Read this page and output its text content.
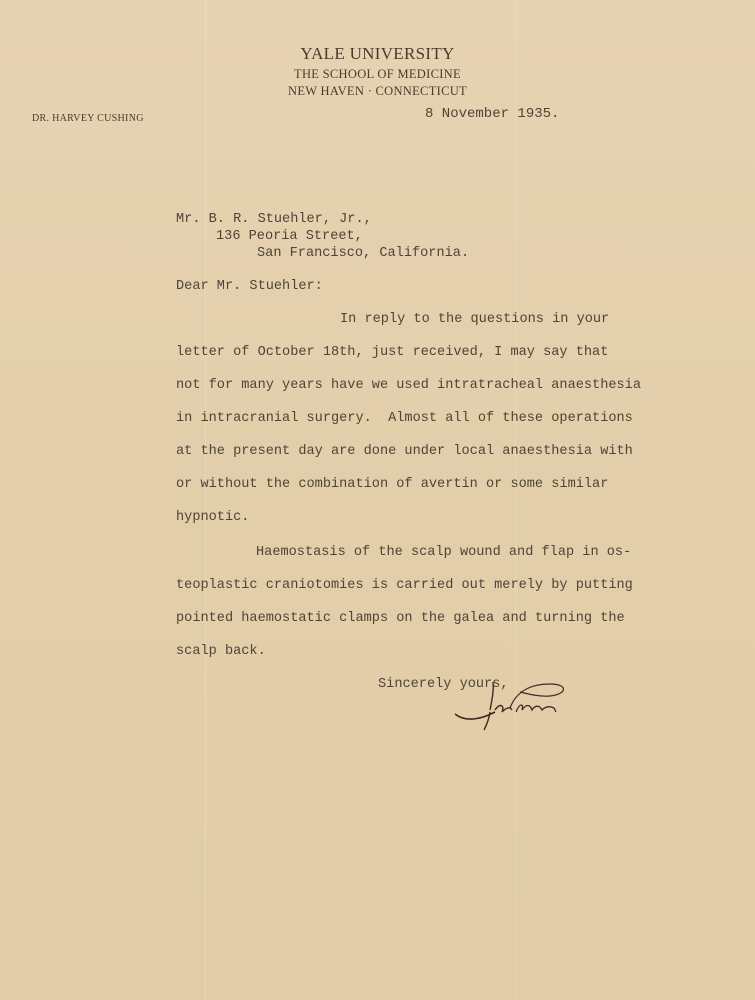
YALE UNIVERSITY
THE SCHOOL OF MEDICINE
NEW HAVEN · CONNECTICUT
DR. HARVEY CUSHING	8 November 1935.
Mr. B. R. Stuehler, Jr.,
136 Peoria Street,
San Francisco, California.
Dear Mr. Stuehler:
In reply to the questions in your
letter of October 18th, just received, I may say that
not for many years have we used intratracheal anaesthesia
in intracranial surgery.  Almost all of these operations
at the present day are done under local anaesthesia with
or without the combination of avertin or some similar
hypnotic.
Haemostasis of the scalp wound and flap in os-
teoplastic craniotomies is carried out merely by putting
pointed haemostatic clamps on the galea and turning the
scalp back.
Sincerely yours,
